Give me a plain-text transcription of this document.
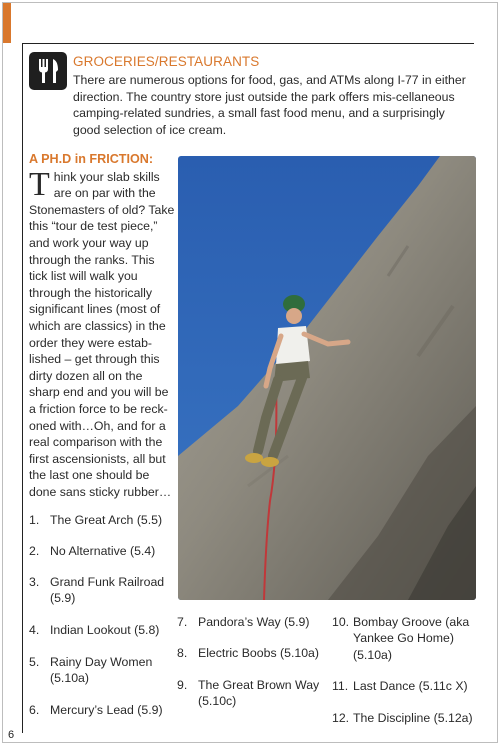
6
GROCERIES/RESTAURANTS
There are numerous options for food, gas, and ATMs along I-77 in either direction. The country store just outside the park offers mis-cellaneous camping-related sundries, a small fast food menu, and a surprisingly good selection of ice cream.
A PH.D in FRICTION:
T hink your slab skills are on par with the Stonemasters of old? Take this “tour de test piece,” and work your way up through the ranks. This tick list will walk you through the historically significant lines (most of which are classics) in the order they were estab-lished – get through this dirty dozen all on the sharp end and you will be a friction force to be reck-oned with…Oh, and for a real comparison with the first ascensionists, all but the last one should be done sans sticky rubber…
1. The Great Arch (5.5)
2. No Alternative (5.4)
3. Grand Funk Railroad (5.9)
4. Indian Lookout (5.8)
5. Rainy Day Women (5.10a)
6. Mercury’s Lead (5.9)
7. Pandora’s Way (5.9)
8. Electric Boobs (5.10a)
9. The Great Brown Way (5.10c)
10. Bombay Groove (aka Yankee Go Home) (5.10a)
11. Last Dance (5.11c X)
12. The Discipline (5.12a)
